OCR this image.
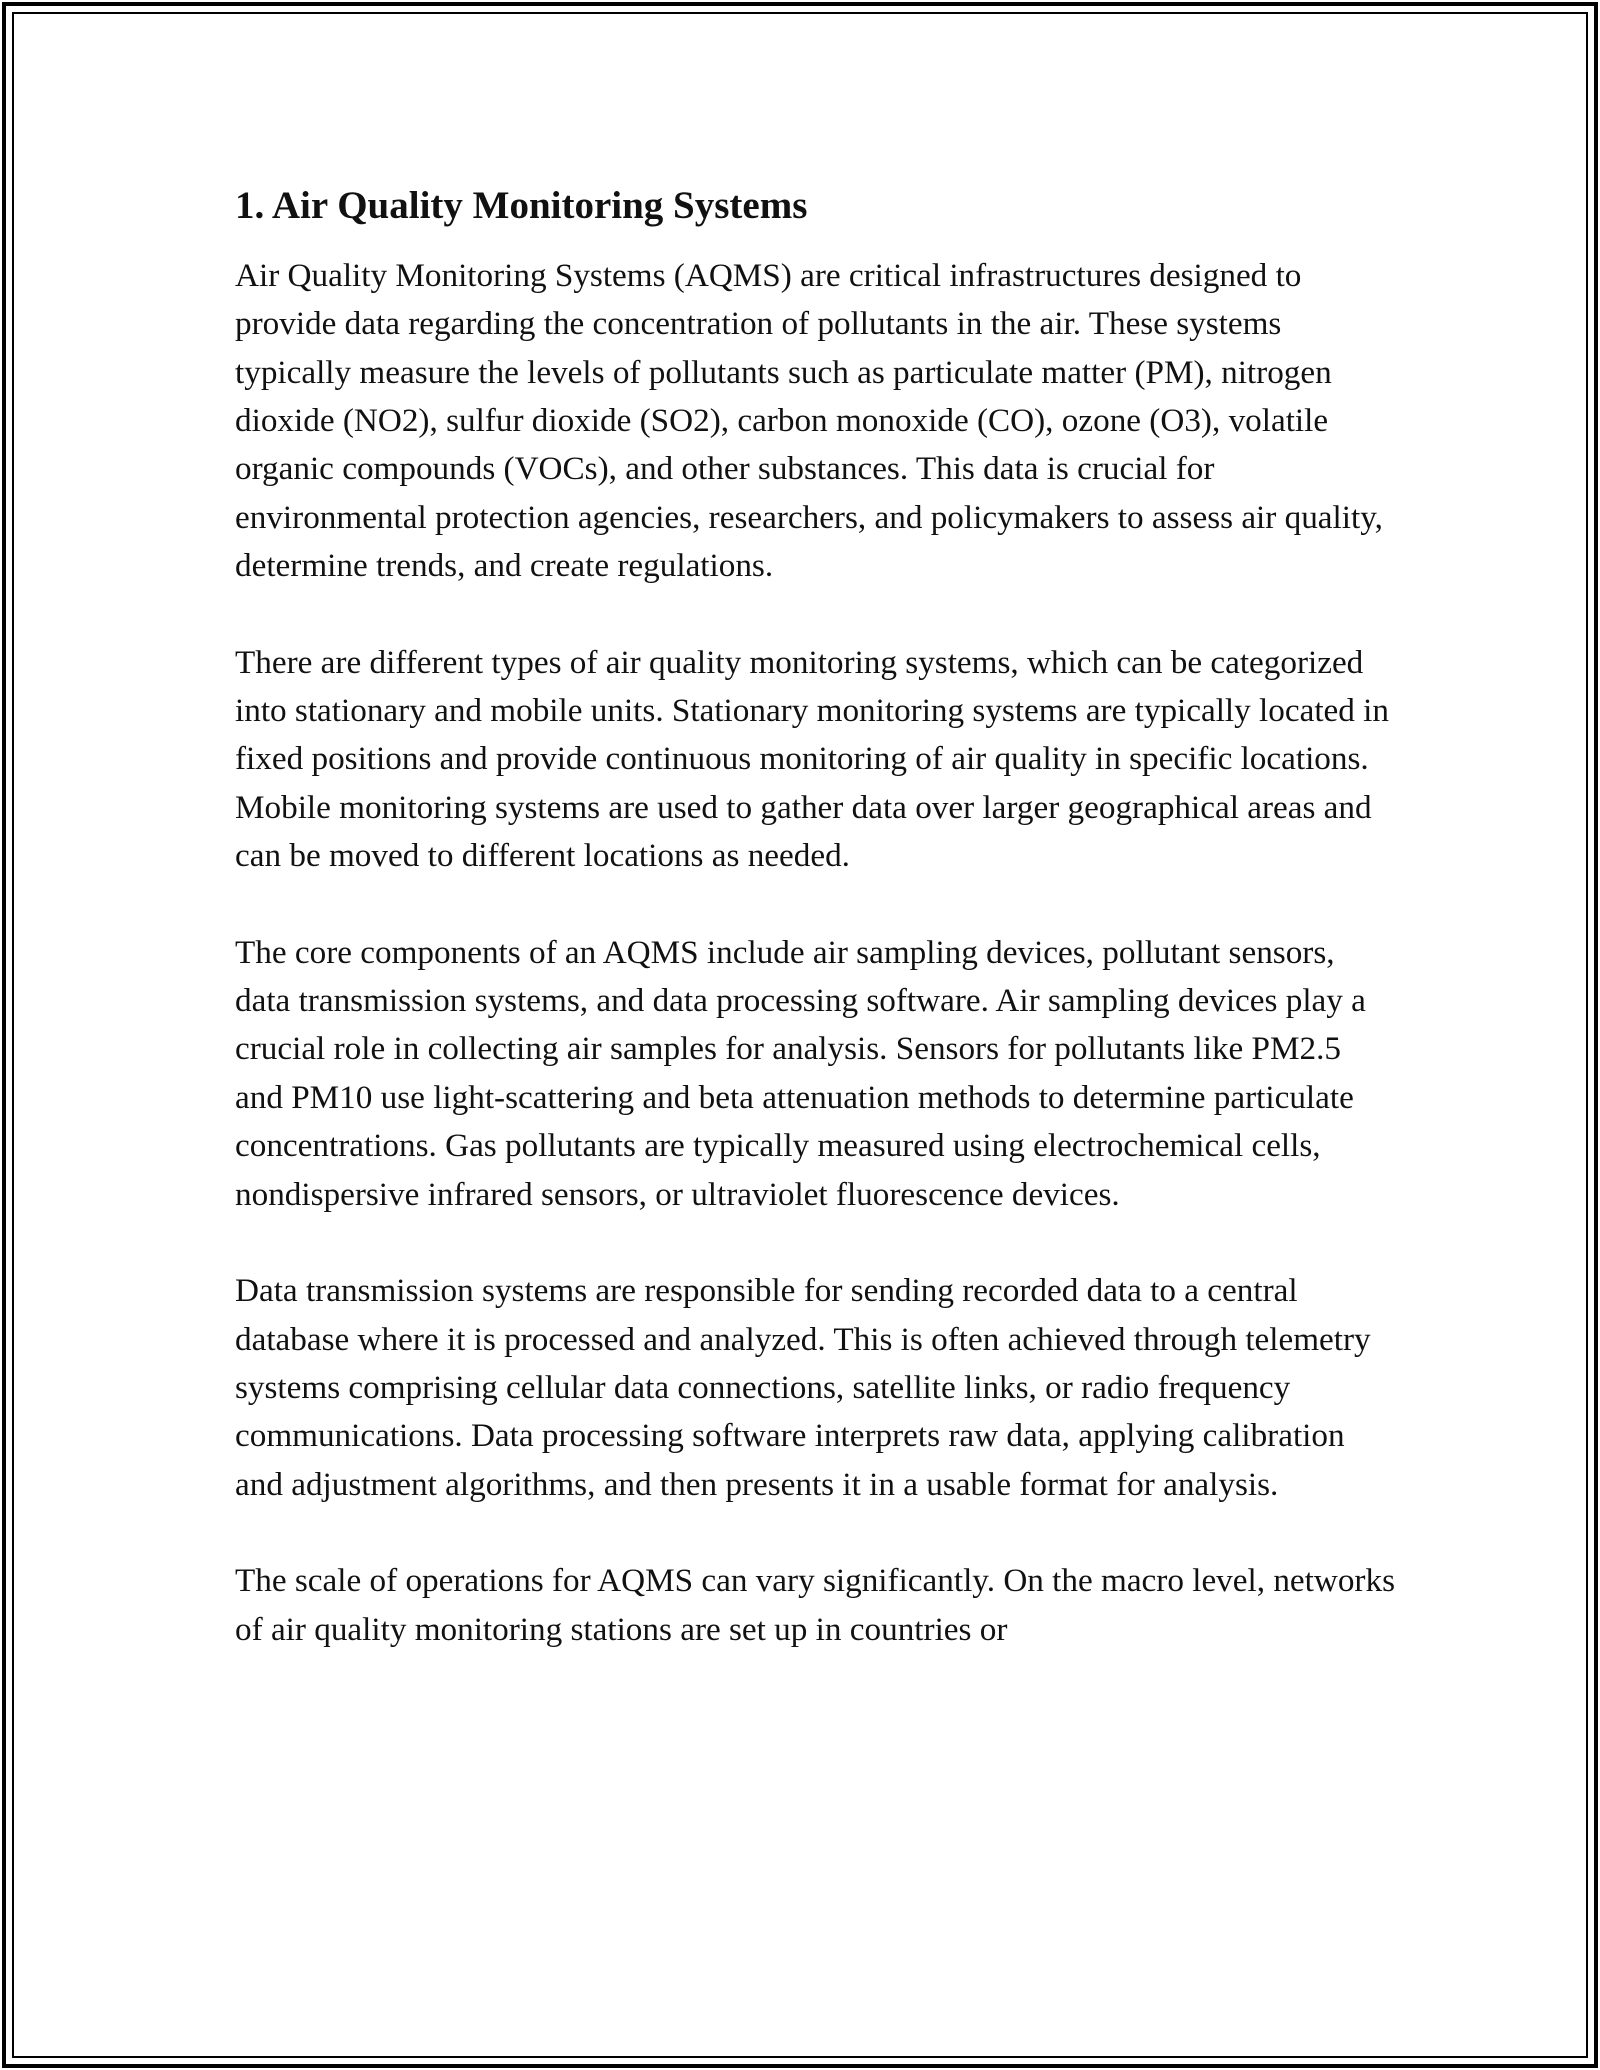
1. Air Quality Monitoring Systems

Air Quality Monitoring Systems (AQMS) are critical infrastructures designed to provide data regarding the concentration of pollutants in the air. These systems typically measure the levels of pollutants such as particulate matter (PM), nitrogen dioxide (NO2), sulfur dioxide (SO2), carbon monoxide (CO), ozone (O3), volatile organic compounds (VOCs), and other substances. This data is crucial for environmental protection agencies, researchers, and policymakers to assess air quality, determine trends, and create regulations.

There are different types of air quality monitoring systems, which can be categorized into stationary and mobile units. Stationary monitoring systems are typically located in fixed positions and provide continuous monitoring of air quality in specific locations. Mobile monitoring systems are used to gather data over larger geographical areas and can be moved to different locations as needed.

The core components of an AQMS include air sampling devices, pollutant sensors, data transmission systems, and data processing software. Air sampling devices play a crucial role in collecting air samples for analysis. Sensors for pollutants like PM2.5 and PM10 use light-scattering and beta attenuation methods to determine particulate concentrations. Gas pollutants are typically measured using electrochemical cells, nondispersive infrared sensors, or ultraviolet fluorescence devices.

Data transmission systems are responsible for sending recorded data to a central database where it is processed and analyzed. This is often achieved through telemetry systems comprising cellular data connections, satellite links, or radio frequency communications. Data processing software interprets raw data, applying calibration and adjustment algorithms, and then presents it in a usable format for analysis.

The scale of operations for AQMS can vary significantly. On the macro level, networks of air quality monitoring stations are set up in countries or
